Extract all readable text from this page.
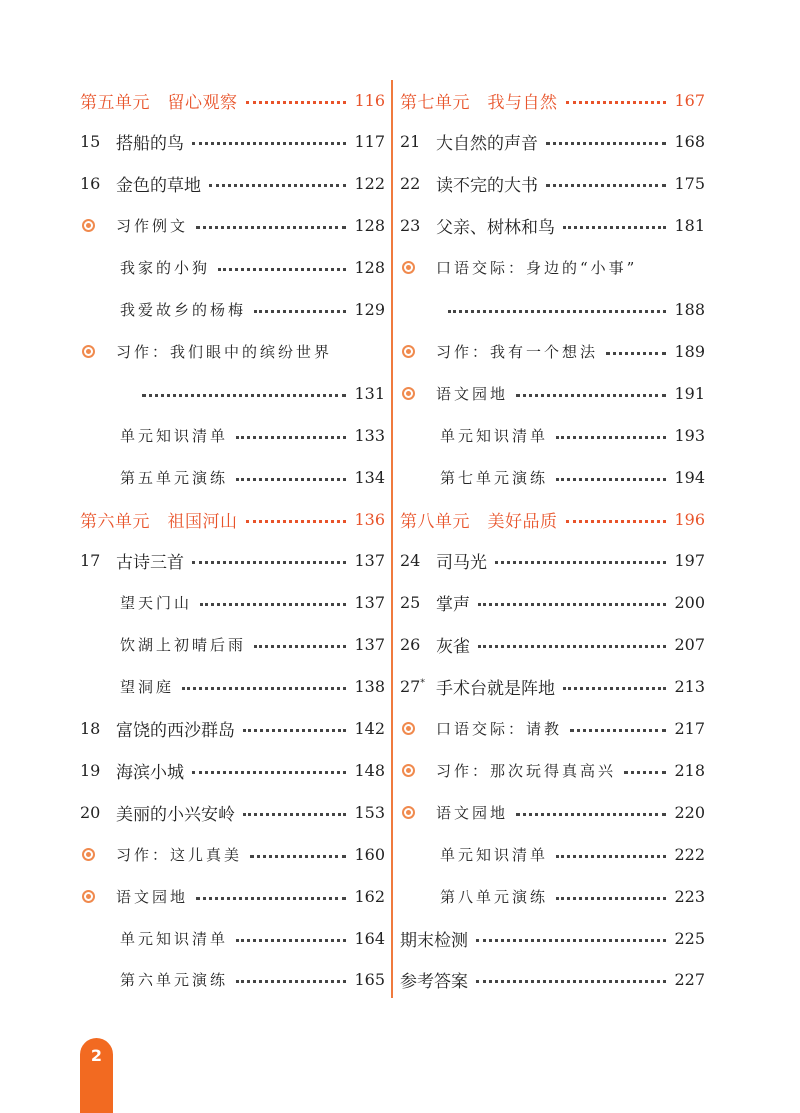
第五单元　留心观察	116
15 搭船的鸟	117
16 金色的草地	122
习作例文	128
我家的小狗	128
我爱故乡的杨梅	129
习作：我们眼中的缤纷世界
131
单元知识清单	133
第五单元演练	134
第六单元　祖国河山	136
17 古诗三首	137
望天门山	137
饮湖上初晴后雨	137
望洞庭	138
18 富饶的西沙群岛	142
19 海滨小城	148
20 美丽的小兴安岭	153
习作：这儿真美	160
语文园地	162
单元知识清单	164
第六单元演练	165
第七单元　我与自然	167
21 大自然的声音	168
22 读不完的大书	175
23 父亲、树林和鸟	181
口语交际：身边的“小事”
188
习作：我有一个想法	189
语文园地	191
单元知识清单	193
第七单元演练	194
第八单元　美好品质	196
24 司马光	197
25 掌声	200
26 灰雀	207
27* 手术台就是阵地	213
口语交际：请教	217
习作：那次玩得真高兴	218
语文园地	220
单元知识清单	222
第八单元演练	223
期末检测	225
参考答案	227
2
